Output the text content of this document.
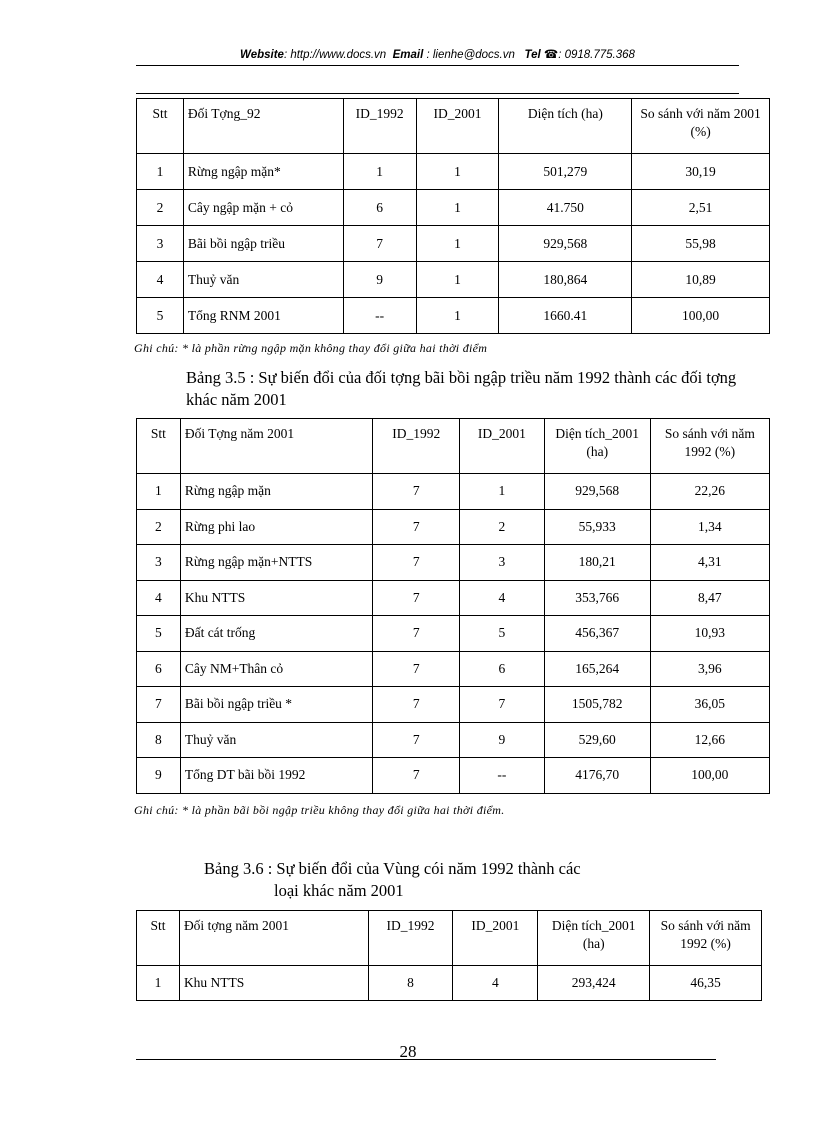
Website: http://www.docs.vn Email : lienhe@docs.vn Tel ☎: 0918.775.368
Stt	Đối Tợng_92	ID_1992	ID_2001	Diện tích (ha)	So sánh với năm 2001 (%)
1	Rừng ngập mặn*	1	1	501,279	30,19
2	Cây ngập mặn + cỏ	6	1	41.750	2,51
3	Bãi bồi ngập triều	7	1	929,568	55,98
4	Thuỷ văn	9	1	180,864	10,89
5	Tổng RNM 2001	--	1	1660.41	100,00
Ghi chú: * là phần rừng ngập mặn không thay đổi giữa hai thời điểm
Bảng 3.5 : Sự biến đổi của đối tợng bãi bồi ngập triều năm 1992 thành các đối tợng khác năm 2001
Stt	Đối Tợng năm 2001	ID_1992	ID_2001	Diện tích_2001 (ha)	So sánh với năm 1992 (%)
1	Rừng ngập mặn	7	1	929,568	22,26
2	Rừng phi lao	7	2	55,933	1,34
3	Rừng ngập mặn+NTTS	7	3	180,21	4,31
4	Khu NTTS	7	4	353,766	8,47
5	Đất cát trống	7	5	456,367	10,93
6	Cây NM+Thân cỏ	7	6	165,264	3,96
7	Bãi bồi ngập triều *	7	7	1505,782	36,05
8	Thuỷ văn	7	9	529,60	12,66
9	Tổng DT bãi bồi 1992	7	--	4176,70	100,00
Ghi chú: * là phần bãi bồi ngập triều không thay đổi giữa hai thời điểm.
Bảng 3.6 : Sự biến đổi của Vùng cói năm 1992 thành các
loại khác năm 2001
Stt	Đối tợng năm 2001	ID_1992	ID_2001	Diện tích_2001 (ha)	So sánh với năm 1992 (%)
1	Khu NTTS	8	4	293,424	46,35
28
